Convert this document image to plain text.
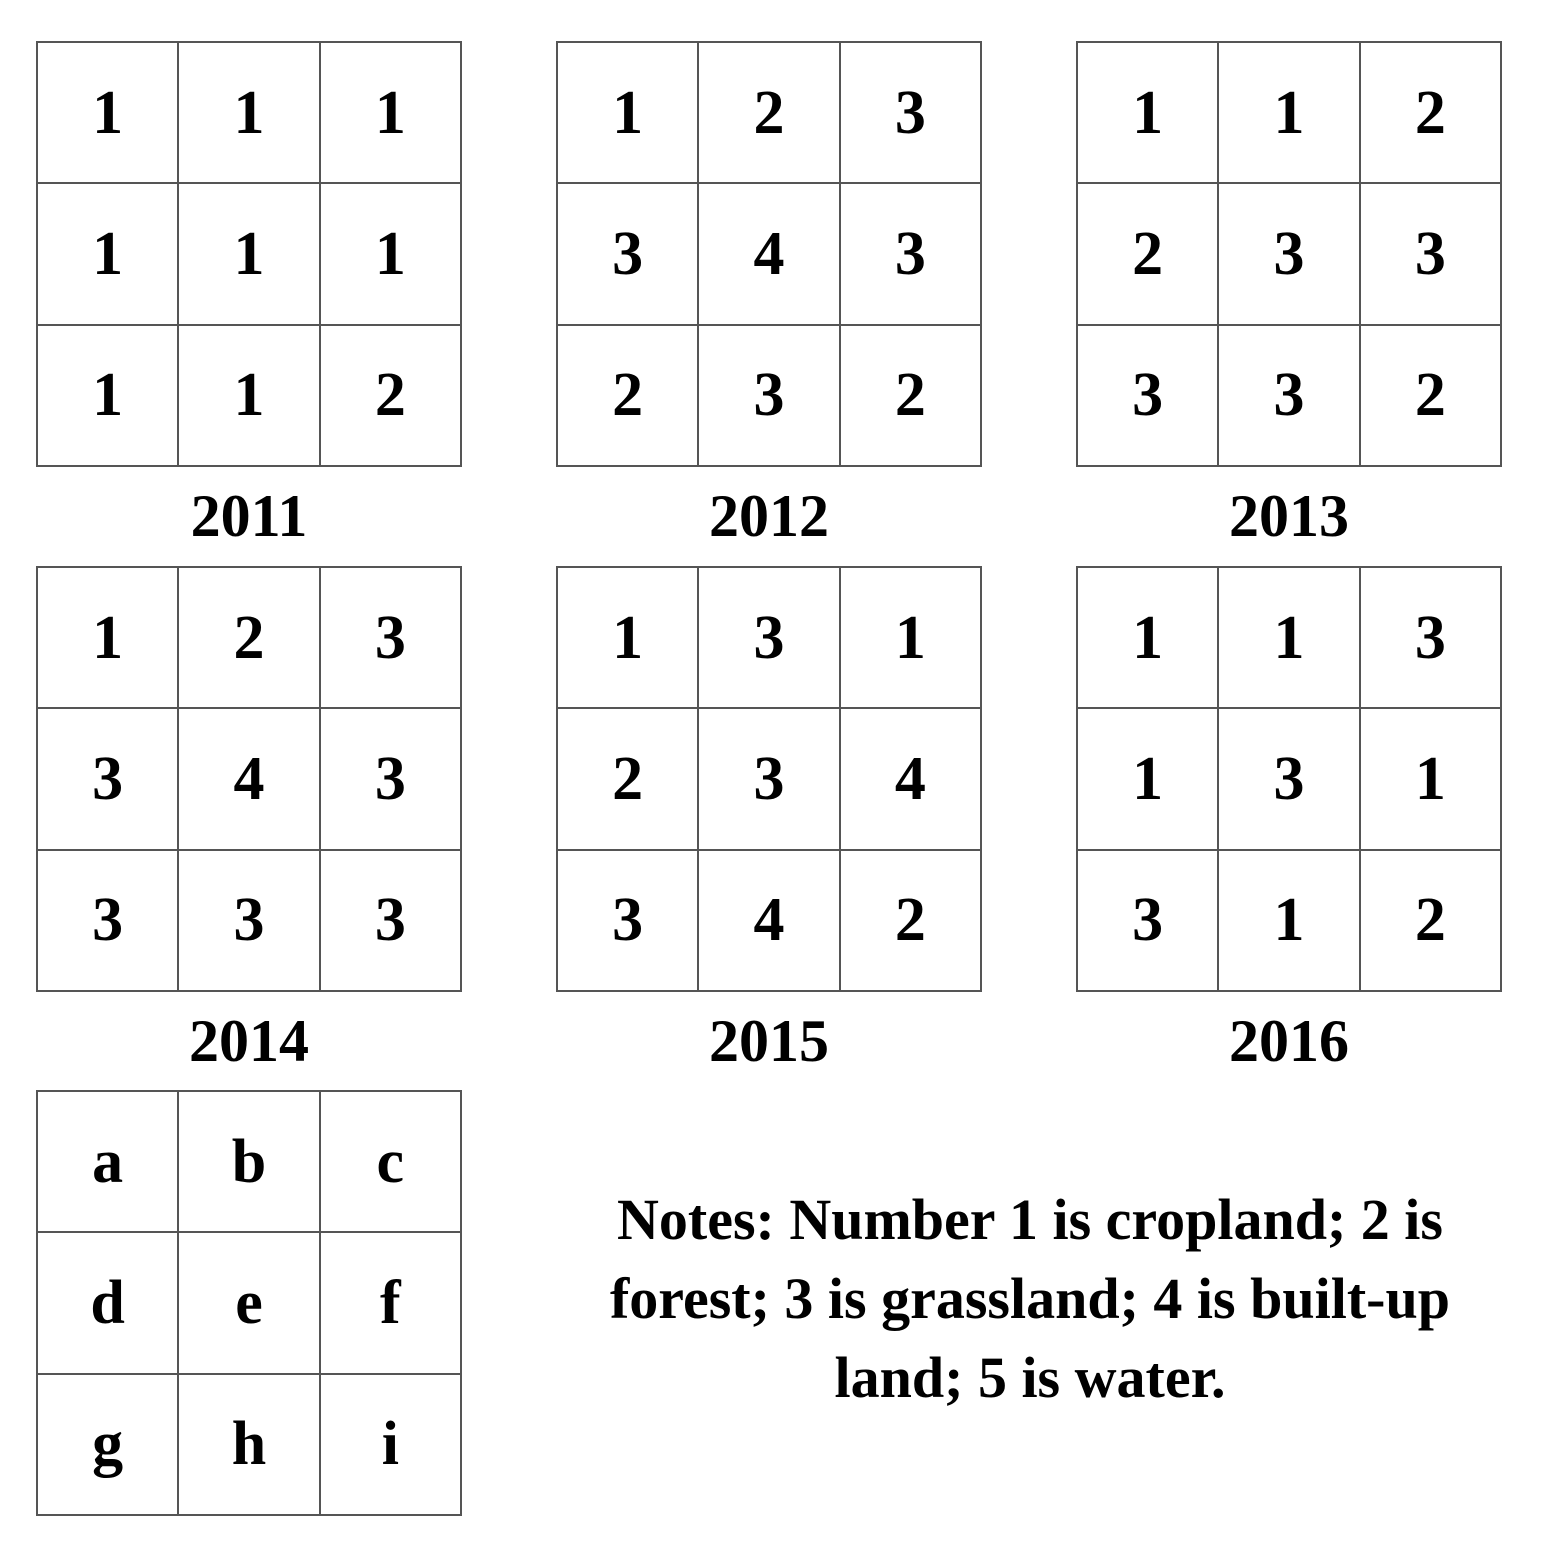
1	1	1
1	1	1
1	1	2
2011
1	2	3
3	4	3
2	3	2
2012
1	1	2
2	3	3
3	3	2
2013
1	2	3
3	4	3
3	3	3
2014
1	3	1
2	3	4
3	4	2
2015
1	1	3
1	3	1
3	1	2
2016
a	b	c
d	e	f
g	h	i
Notes: Number 1 is cropland; 2 is forest; 3 is grassland; 4 is built-up land; 5 is water.
